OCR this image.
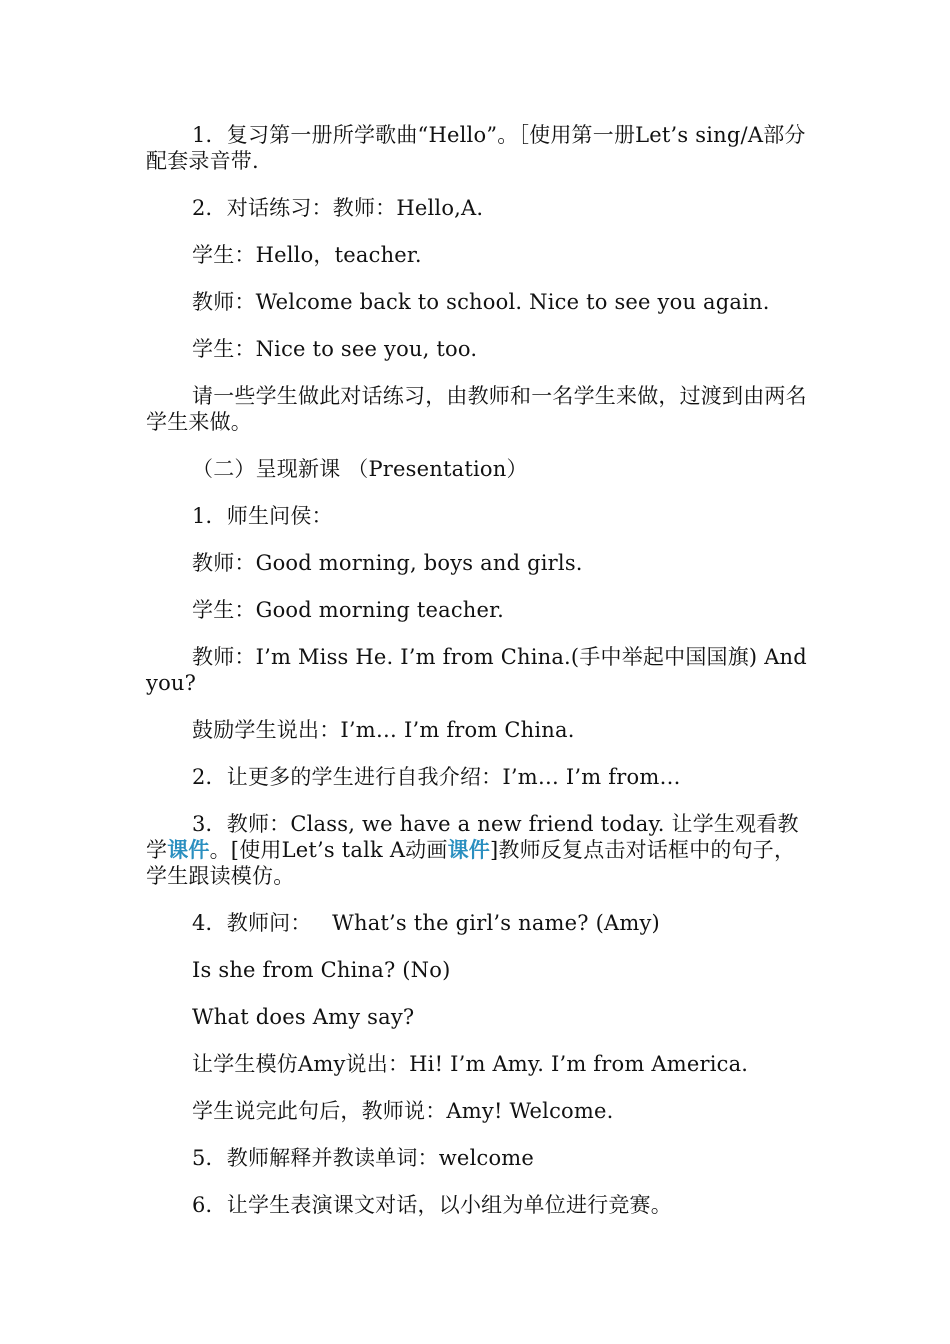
1．复习第一册所学歌曲“Hello”。［使用第一册Let’s sing/A部分配套录音带.

2．对话练习：教师：Hello,A.

学生：Hello，teacher.

教师：Welcome back to school. Nice to see you again.

学生：Nice to see you, too.

请一些学生做此对话练习，由教师和一名学生来做，过渡到由两名学生来做。

（二）呈现新课 （Presentation）

1．师生问侯：

教师：Good morning, boys and girls.

学生：Good morning teacher.

教师：I’m Miss He. I’m from China.(手中举起中国国旗) And you?

鼓励学生说出：I’m… I’m from China.

2．让更多的学生进行自我介绍：I’m… I’m from…

3．教师：Class, we have a new friend today. 让学生观看教学课件。[使用Let’s talk A动画课件]教师反复点击对话框中的句子，学生跟读模仿。

4．教师问：   What’s the girl’s name? (Amy)

Is she from China? (No)

What does Amy say?

让学生模仿Amy说出：Hi! I’m Amy. I’m from America.

学生说完此句后，教师说：Amy! Welcome.

5．教师解释并教读单词：welcome

6．让学生表演课文对话，以小组为单位进行竞赛。
